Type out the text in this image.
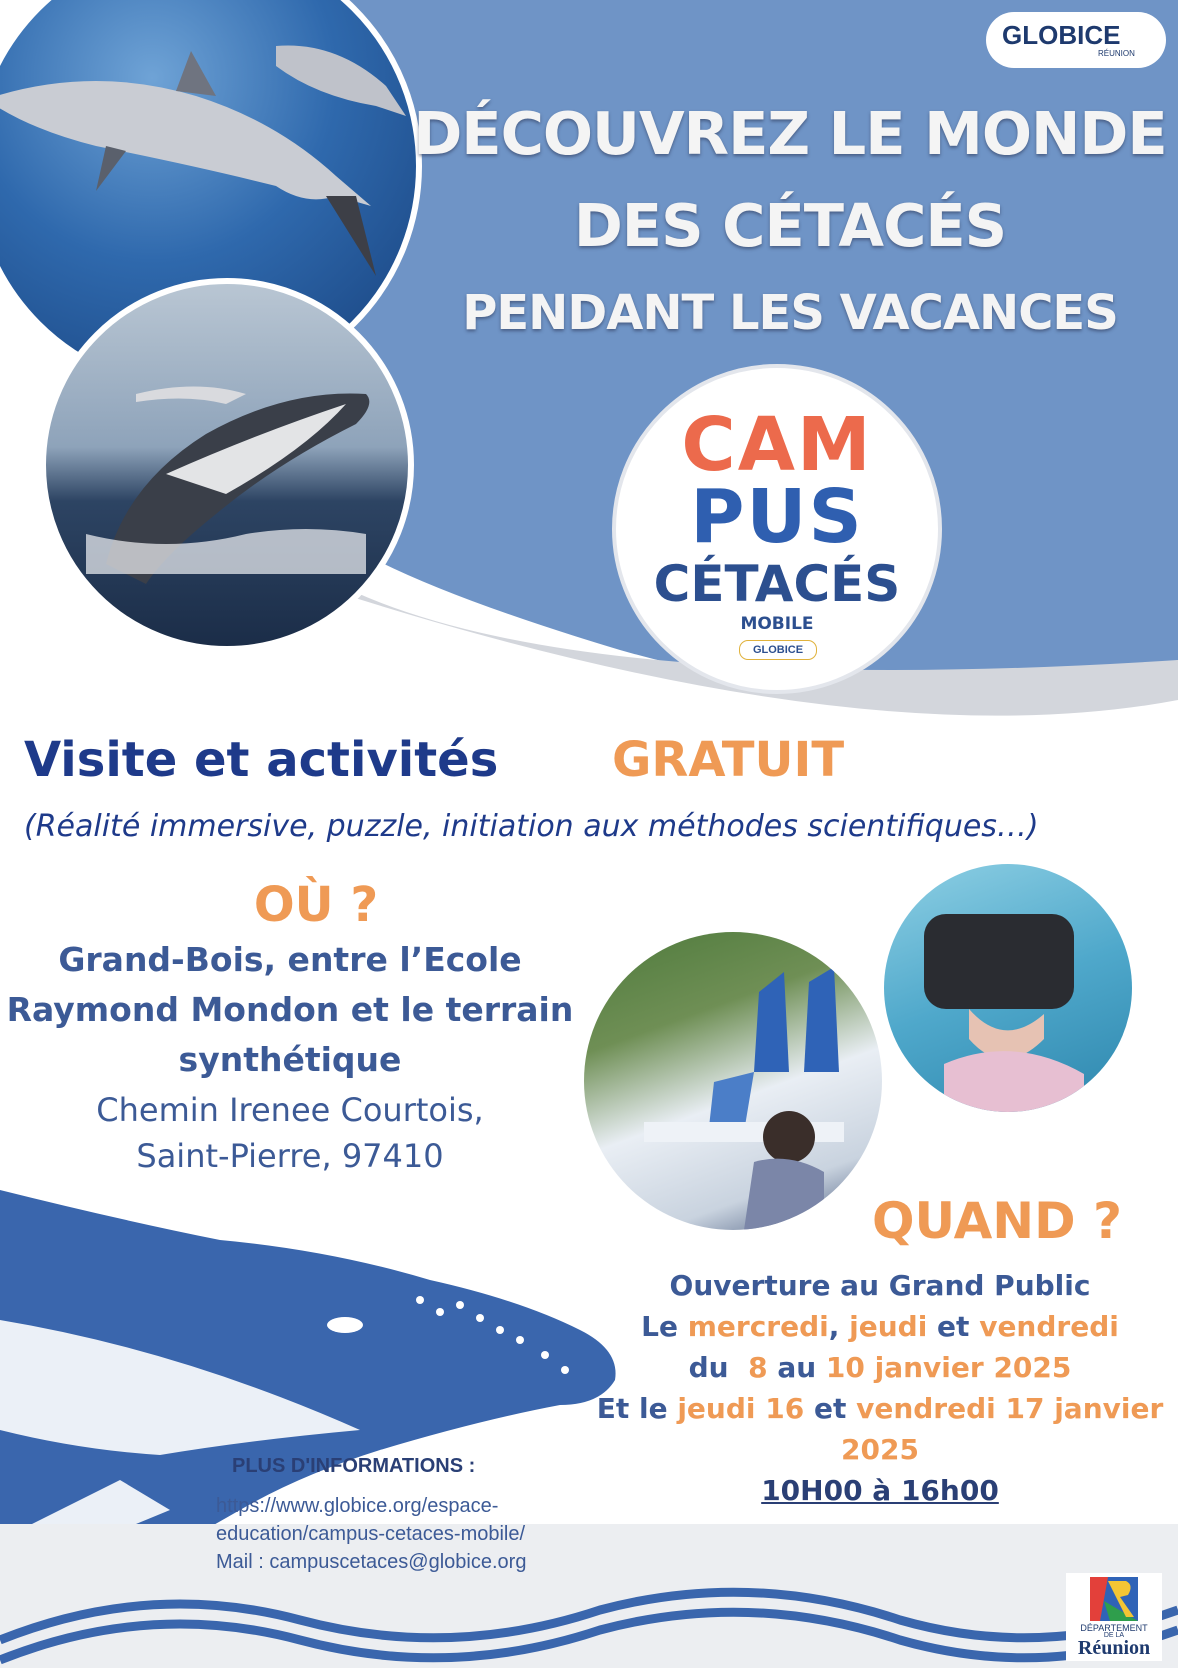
GLOBICE
RÉUNION
DÉCOUVREZ LE MONDE
DES CÉTACÉS
PENDANT LES VACANCES
CAM
PUS
CÉTACÉS
MOBILE
GLOBICE
Visite et activités GRATUIT
(Réalité immersive, puzzle, initiation aux méthodes scientifiques…)
OÙ ?
Grand-Bois, entre l’Ecole
Raymond Mondon et le terrain
synthétique
Chemin Irenee Courtois,
Saint-Pierre, 97410
PLUS D'INFORMATIONS :
https://www.globice.org/espace-
education/campus-cetaces-mobile/
Mail : campuscetaces@globice.org
QUAND ?
Ouverture au Grand Public
Le mercredi, jeudi et vendredi
du  8 au 10 janvier 2025
Et le jeudi 16 et vendredi 17 janvier
2025
10H00 à 16h00
DÉPARTEMENT
DE LA
Réunion
